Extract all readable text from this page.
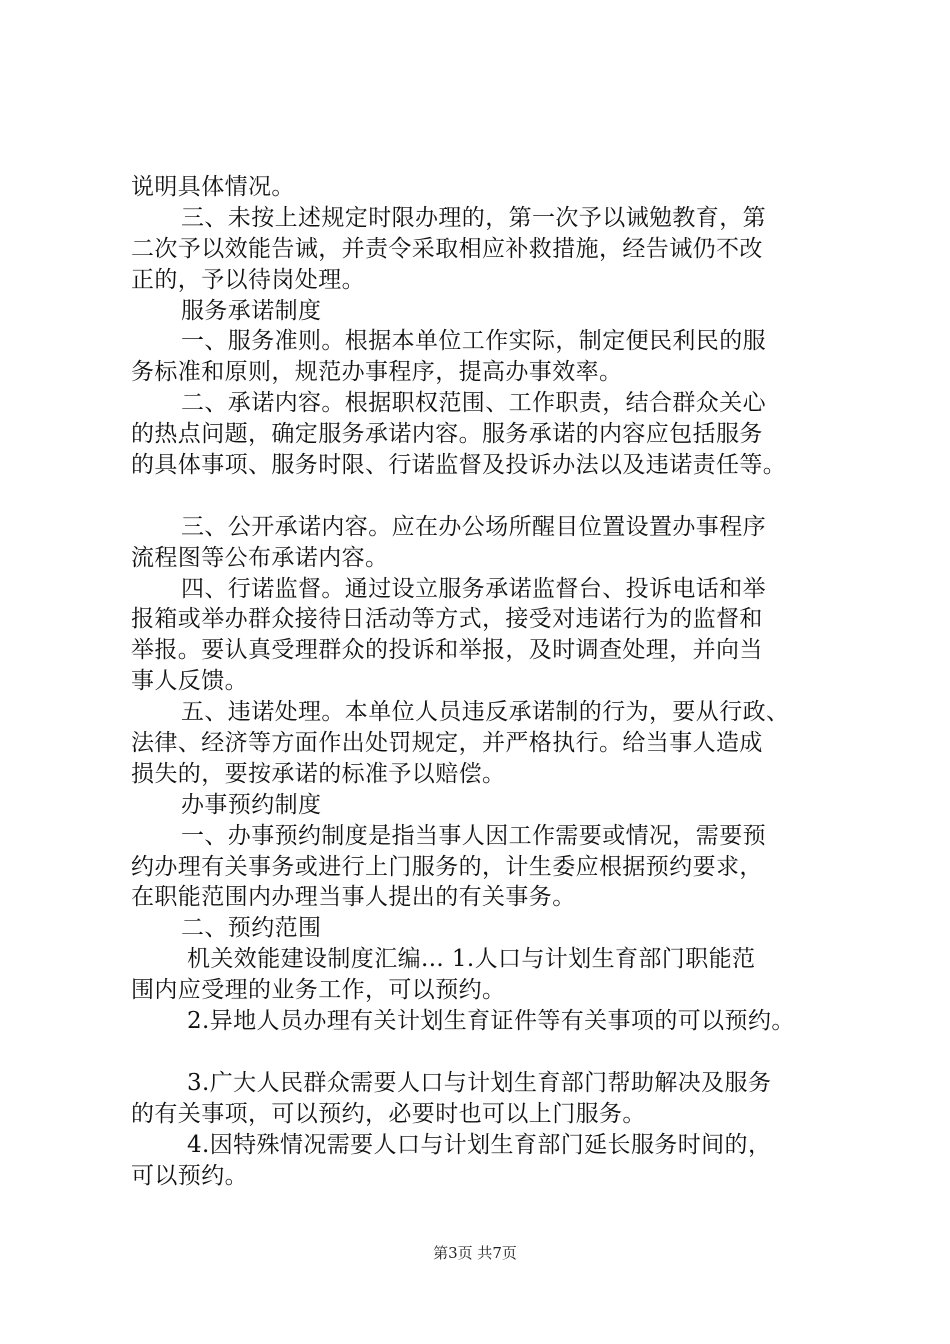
说明具体情况。
三、未按上述规定时限办理的，第一次予以诫勉教育，第
二次予以效能告诫，并责令采取相应补救措施，经告诫仍不改
正的，予以待岗处理。
服务承诺制度
一、服务准则。根据本单位工作实际，制定便民利民的服
务标准和原则，规范办事程序，提高办事效率。
二、承诺内容。根据职权范围、工作职责，结合群众关心
的热点问题，确定服务承诺内容。服务承诺的内容应包括服务
的具体事项、服务时限、行诺监督及投诉办法以及违诺责任等。
三、公开承诺内容。应在办公场所醒目位置设置办事程序
流程图等公布承诺内容。
四、行诺监督。通过设立服务承诺监督台、投诉电话和举
报箱或举办群众接待日活动等方式，接受对违诺行为的监督和
举报。要认真受理群众的投诉和举报，及时调查处理，并向当
事人反馈。
五、违诺处理。本单位人员违反承诺制的行为，要从行政、
法律、经济等方面作出处罚规定，并严格执行。给当事人造成
损失的，要按承诺的标准予以赔偿。
办事预约制度
一、办事预约制度是指当事人因工作需要或情况，需要预
约办理有关事务或进行上门服务的，计生委应根据预约要求，
在职能范围内办理当事人提出的有关事务。
二、预约范围
机关效能建设制度汇编... 1.人口与计划生育部门职能范
围内应受理的业务工作，可以预约。
2.异地人员办理有关计划生育证件等有关事项的可以预约。
3.广大人民群众需要人口与计划生育部门帮助解决及服务
的有关事项，可以预约，必要时也可以上门服务。
4.因特殊情况需要人口与计划生育部门延长服务时间的，
可以预约。
第3页 共7页
